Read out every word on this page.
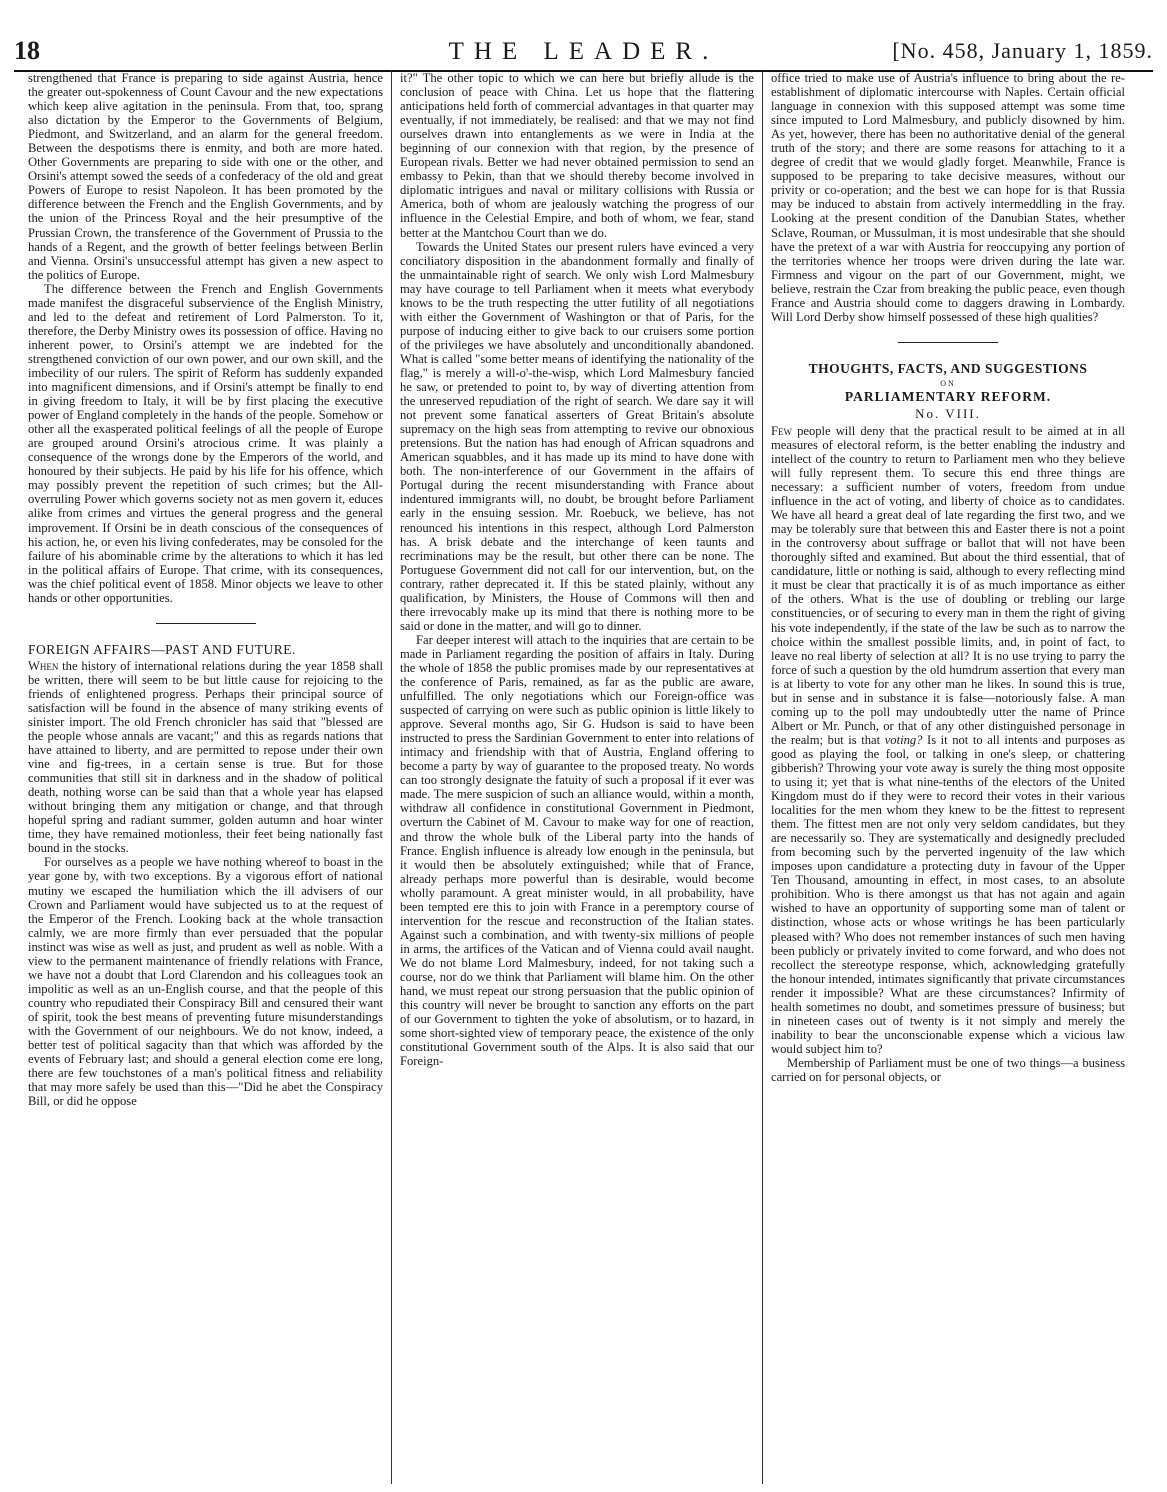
18	THE LEADER.	[No. 458, January 1, 1859.

strengthened that France is preparing to side against Austria, hence the greater out-spokenness of Count Cavour and the new expectations which keep alive agitation in the peninsula. From that, too, sprang also dictation by the Emperor to the Governments of Belgium, Piedmont, and Switzerland, and an alarm for the general freedom. Between the despotisms there is enmity, and both are more hated. Other Governments are preparing to side with one or the other, and Orsini's attempt sowed the seeds of a confederacy of the old and great Powers of Europe to resist Napoleon. It has been promoted by the difference between the French and the English Governments, and by the union of the Princess Royal and the heir presumptive of the Prussian Crown, the transference of the Government of Prussia to the hands of a Regent, and the growth of better feelings between Berlin and Vienna. Orsini's unsuccessful attempt has given a new aspect to the politics of Europe.

The difference between the French and English Governments made manifest the disgraceful subservience of the English Ministry, and led to the defeat and retirement of Lord Palmerston. To it, therefore, the Derby Ministry owes its possession of office. Having no inherent power, to Orsini's attempt we are indebted for the strengthened conviction of our own power, and our own skill, and the imbecility of our rulers. The spirit of Reform has suddenly expanded into magnificent dimensions, and if Orsini's attempt be finally to end in giving freedom to Italy, it will be by first placing the executive power of England completely in the hands of the people. Somehow or other all the exasperated political feelings of all the people of Europe are grouped around Orsini's atrocious crime. It was plainly a consequence of the wrongs done by the Emperors of the world, and honoured by their subjects. He paid by his life for his offence, which may possibly prevent the repetition of such crimes; but the All-overruling Power which governs society not as men govern it, educes alike from crimes and virtues the general progress and the general improvement. If Orsini be in death conscious of the consequences of his action, he, or even his living confederates, may be consoled for the failure of his abominable crime by the alterations to which it has led in the political affairs of Europe. That crime, with its consequences, was the chief political event of 1858. Minor objects we leave to other hands or other opportunities.

FOREIGN AFFAIRS—PAST AND FUTURE.

When the history of international relations during the year 1858 shall be written, there will seem to be but little cause for rejoicing to the friends of enlightened progress. Perhaps their principal source of satisfaction will be found in the absence of many striking events of sinister import. The old French chronicler has said that "blessed are the people whose annals are vacant;" and this as regards nations that have attained to liberty, and are permitted to repose under their own vine and fig-trees, in a certain sense is true. But for those communities that still sit in darkness and in the shadow of political death, nothing worse can be said than that a whole year has elapsed without bringing them any mitigation or change, and that through hopeful spring and radiant summer, golden autumn and hoar winter time, they have remained motionless, their feet being nationally fast bound in the stocks.

For ourselves as a people we have nothing whereof to boast in the year gone by, with two exceptions. By a vigorous effort of national mutiny we escaped the humiliation which the ill advisers of our Crown and Parliament would have subjected us to at the request of the Emperor of the French. Looking back at the whole transaction calmly, we are more firmly than ever persuaded that the popular instinct was wise as well as just, and prudent as well as noble. With a view to the permanent maintenance of friendly relations with France, we have not a doubt that Lord Clarendon and his colleagues took an impolitic as well as an un-English course, and that the people of this country who repudiated their Conspiracy Bill and censured their want of spirit, took the best means of preventing future misunderstandings with the Government of our neighbours. We do not know, indeed, a better test of political sagacity than that which was afforded by the events of February last; and should a general election come ere long, there are few touchstones of a man's political fitness and reliability that may more safely be used than this—"Did he abet the Conspiracy Bill, or did he oppose

it?" The other topic to which we can here but briefly allude is the conclusion of peace with China. Let us hope that the flattering anticipations held forth of commercial advantages in that quarter may eventually, if not immediately, be realised: and that we may not find ourselves drawn into entanglements as we were in India at the beginning of our connexion with that region, by the presence of European rivals. Better we had never obtained permission to send an embassy to Pekin, than that we should thereby become involved in diplomatic intrigues and naval or military collisions with Russia or America, both of whom are jealously watching the progress of our influence in the Celestial Empire, and both of whom, we fear, stand better at the Mantchou Court than we do.

Towards the United States our present rulers have evinced a very conciliatory disposition in the abandonment formally and finally of the unmaintainable right of search. We only wish Lord Malmesbury may have courage to tell Parliament when it meets what everybody knows to be the truth respecting the utter futility of all negotiations with either the Government of Washington or that of Paris, for the purpose of inducing either to give back to our cruisers some portion of the privileges we have absolutely and unconditionally abandoned. What is called "some better means of identifying the nationality of the flag," is merely a will-o'-the-wisp, which Lord Malmesbury fancied he saw, or pretended to point to, by way of diverting attention from the unreserved repudiation of the right of search. We dare say it will not prevent some fanatical asserters of Great Britain's absolute supremacy on the high seas from attempting to revive our obnoxious pretensions. But the nation has had enough of African squadrons and American squabbles, and it has made up its mind to have done with both. The non-interference of our Government in the affairs of Portugal during the recent misunderstanding with France about indentured immigrants will, no doubt, be brought before Parliament early in the ensuing session. Mr. Roebuck, we believe, has not renounced his intentions in this respect, although Lord Palmerston has. A brisk debate and the interchange of keen taunts and recriminations may be the result, but other there can be none. The Portuguese Government did not call for our intervention, but, on the contrary, rather deprecated it. If this be stated plainly, without any qualification, by Ministers, the House of Commons will then and there irrevocably make up its mind that there is nothing more to be said or done in the matter, and will go to dinner.

Far deeper interest will attach to the inquiries that are certain to be made in Parliament regarding the position of affairs in Italy. During the whole of 1858 the public promises made by our representatives at the conference of Paris, remained, as far as the public are aware, unfulfilled. The only negotiations which our Foreign-office was suspected of carrying on were such as public opinion is little likely to approve. Several months ago, Sir G. Hudson is said to have been instructed to press the Sardinian Government to enter into relations of intimacy and friendship with that of Austria, England offering to become a party by way of guarantee to the proposed treaty. No words can too strongly designate the fatuity of such a proposal if it ever was made. The mere suspicion of such an alliance would, within a month, withdraw all confidence in constitutional Government in Piedmont, overturn the Cabinet of M. Cavour to make way for one of reaction, and throw the whole bulk of the Liberal party into the hands of France. English influence is already low enough in the peninsula, but it would then be absolutely extinguished; while that of France, already perhaps more powerful than is desirable, would become wholly paramount. A great minister would, in all probability, have been tempted ere this to join with France in a peremptory course of intervention for the rescue and reconstruction of the Italian states. Against such a combination, and with twenty-six millions of people in arms, the artifices of the Vatican and of Vienna could avail naught. We do not blame Lord Malmesbury, indeed, for not taking such a course, nor do we think that Parliament will blame him. On the other hand, we must repeat our strong persuasion that the public opinion of this country will never be brought to sanction any efforts on the part of our Government to tighten the yoke of absolutism, or to hazard, in some short-sighted view of temporary peace, the existence of the only constitutional Government south of the Alps. It is also said that our Foreign-

office tried to make use of Austria's influence to bring about the re-establishment of diplomatic intercourse with Naples. Certain official language in connexion with this supposed attempt was some time since imputed to Lord Malmesbury, and publicly disowned by him. As yet, however, there has been no authoritative denial of the general truth of the story; and there are some reasons for attaching to it a degree of credit that we would gladly forget. Meanwhile, France is supposed to be preparing to take decisive measures, without our privity or co-operation; and the best we can hope for is that Russia may be induced to abstain from actively intermeddling in the fray. Looking at the present condition of the Danubian States, whether Sclave, Rouman, or Mussulman, it is most undesirable that she should have the pretext of a war with Austria for reoccupying any portion of the territories whence her troops were driven during the late war. Firmness and vigour on the part of our Government, might, we believe, restrain the Czar from breaking the public peace, even though France and Austria should come to daggers drawing in Lombardy. Will Lord Derby show himself possessed of these high qualities?

THOUGHTS, FACTS, AND SUGGESTIONS
ON
PARLIAMENTARY REFORM.
No. VIII.

Few people will deny that the practical result to be aimed at in all measures of electoral reform, is the better enabling the industry and intellect of the country to return to Parliament men who they believe will fully represent them. To secure this end three things are necessary: a sufficient number of voters, freedom from undue influence in the act of voting, and liberty of choice as to candidates. We have all heard a great deal of late regarding the first two, and we may be tolerably sure that between this and Easter there is not a point in the controversy about suffrage or ballot that will not have been thoroughly sifted and examined. But about the third essential, that of candidature, little or nothing is said, although to every reflecting mind it must be clear that practically it is of as much importance as either of the others. What is the use of doubling or trebling our large constituencies, or of securing to every man in them the right of giving his vote independently, if the state of the law be such as to narrow the choice within the smallest possible limits, and, in point of fact, to leave no real liberty of selection at all? It is no use trying to parry the force of such a question by the old humdrum assertion that every man is at liberty to vote for any other man he likes. In sound this is true, but in sense and in substance it is false—notoriously false. A man coming up to the poll may undoubtedly utter the name of Prince Albert or Mr. Punch, or that of any other distinguished personage in the realm; but is that voting? Is it not to all intents and purposes as good as playing the fool, or talking in one's sleep, or chattering gibberish? Throwing your vote away is surely the thing most opposite to using it; yet that is what nine-tenths of the electors of the United Kingdom must do if they were to record their votes in their various localities for the men whom they knew to be the fittest to represent them. The fittest men are not only very seldom candidates, but they are necessarily so. They are systematically and designedly precluded from becoming such by the perverted ingenuity of the law which imposes upon candidature a protecting duty in favour of the Upper Ten Thousand, amounting in effect, in most cases, to an absolute prohibition. Who is there amongst us that has not again and again wished to have an opportunity of supporting some man of talent or distinction, whose acts or whose writings he has been particularly pleased with? Who does not remember instances of such men having been publicly or privately invited to come forward, and who does not recollect the stereotype response, which, acknowledging gratefully the honour intended, intimates significantly that private circumstances render it impossible? What are these circumstances? Infirmity of health sometimes no doubt, and sometimes pressure of business; but in nineteen cases out of twenty is it not simply and merely the inability to bear the unconscionable expense which a vicious law would subject him to?

Membership of Parliament must be one of two things—a business carried on for personal objects, or
